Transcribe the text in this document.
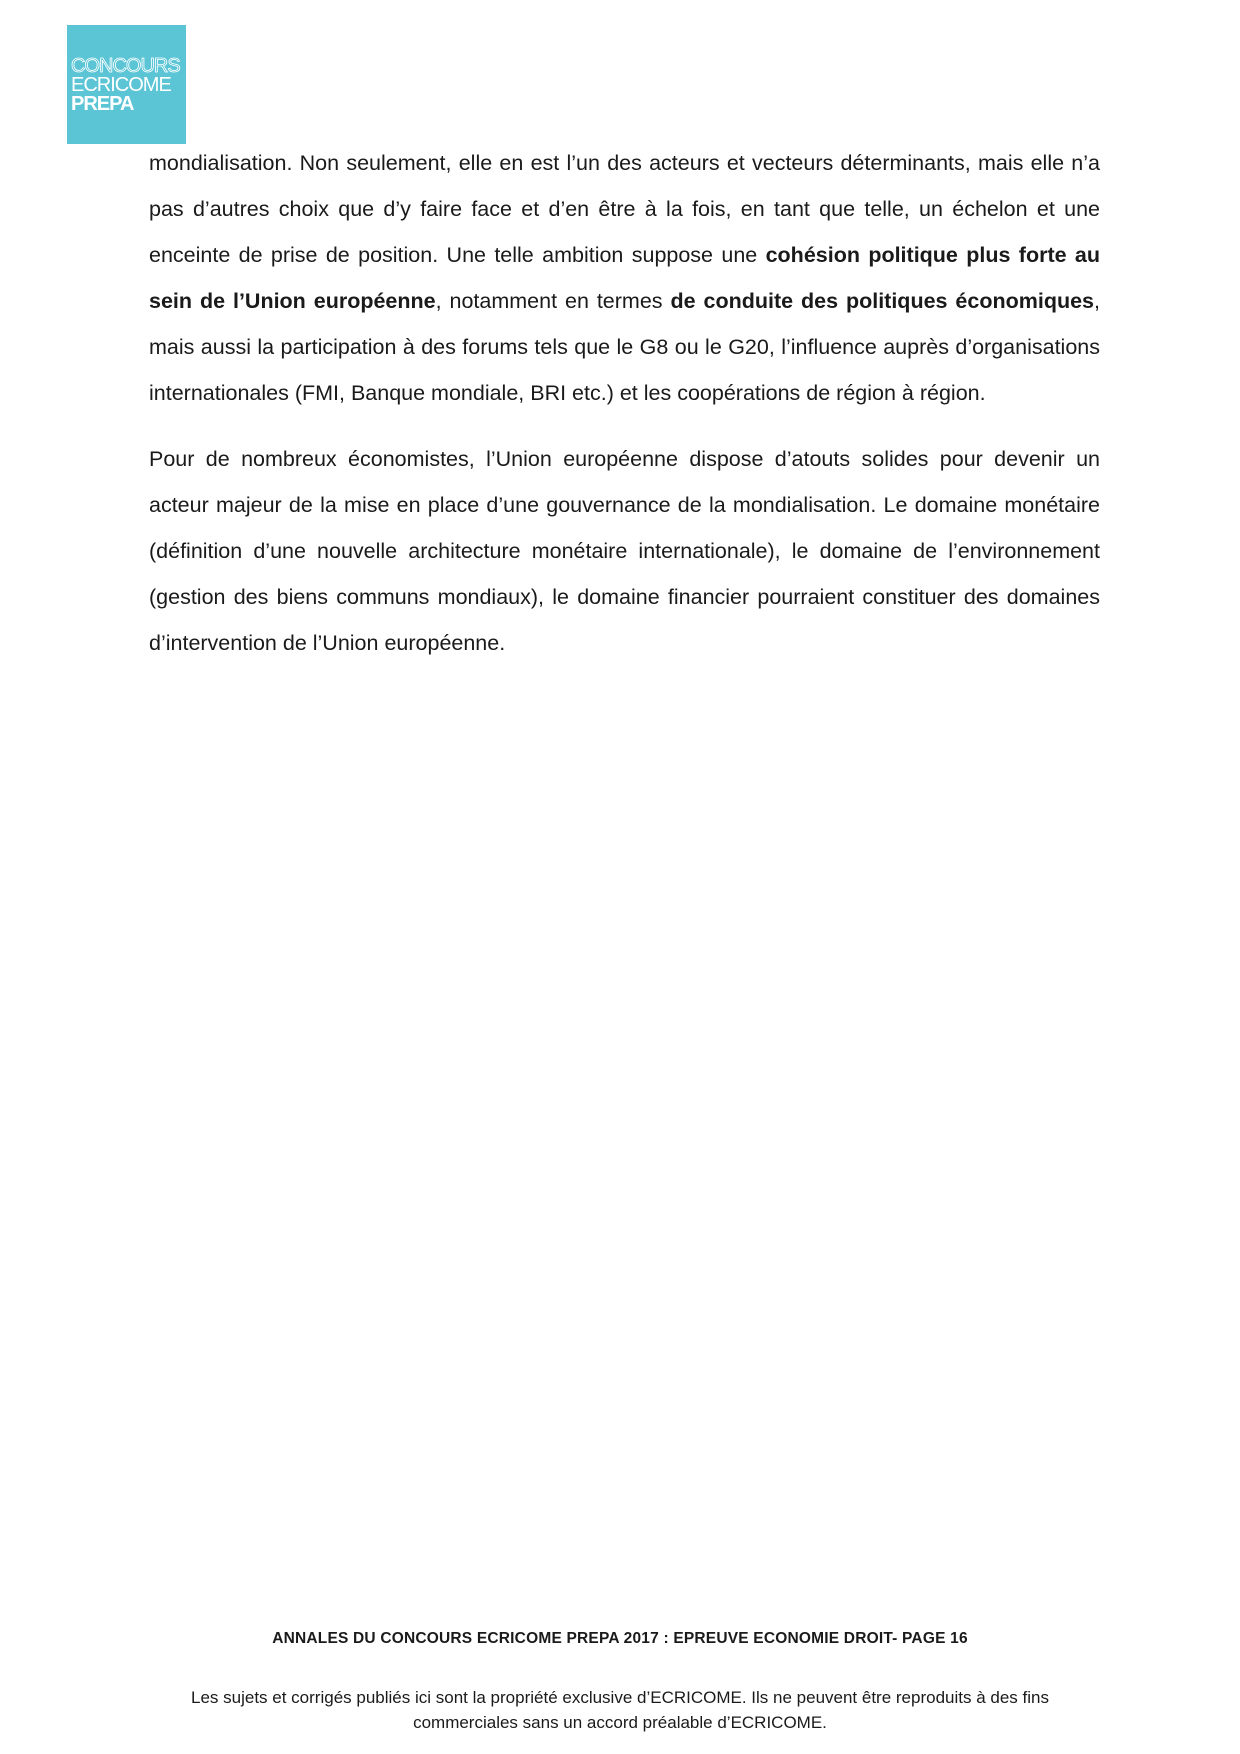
CONCOURS
ECRICOME
PREPA

mondialisation. Non seulement, elle en est l’un des acteurs et vecteurs déterminants, mais elle n’a pas d’autres choix que d’y faire face et d’en être à la fois, en tant que telle, un échelon et une enceinte de prise de position. Une telle ambition suppose une cohésion politique plus forte au sein de l’Union européenne, notamment en termes de conduite des politiques économiques, mais aussi la participation à des forums tels que le G8 ou le G20, l’influence auprès d’organisations internationales (FMI, Banque mondiale, BRI etc.) et les coopérations de région à région.

Pour de nombreux économistes, l’Union européenne dispose d’atouts solides pour devenir un acteur majeur de la mise en place d’une gouvernance de la mondialisation. Le domaine monétaire (définition d’une nouvelle architecture monétaire internationale), le domaine de l’environnement (gestion des biens communs mondiaux), le domaine financier pourraient constituer des domaines d’intervention de l’Union européenne.

ANNALES DU CONCOURS ECRICOME PREPA 2017 : EPREUVE ECONOMIE DROIT- PAGE 16
Les sujets et corrigés publiés ici sont la propriété exclusive d’ECRICOME. Ils ne peuvent être reproduits à des fins commerciales sans un accord préalable d’ECRICOME.
